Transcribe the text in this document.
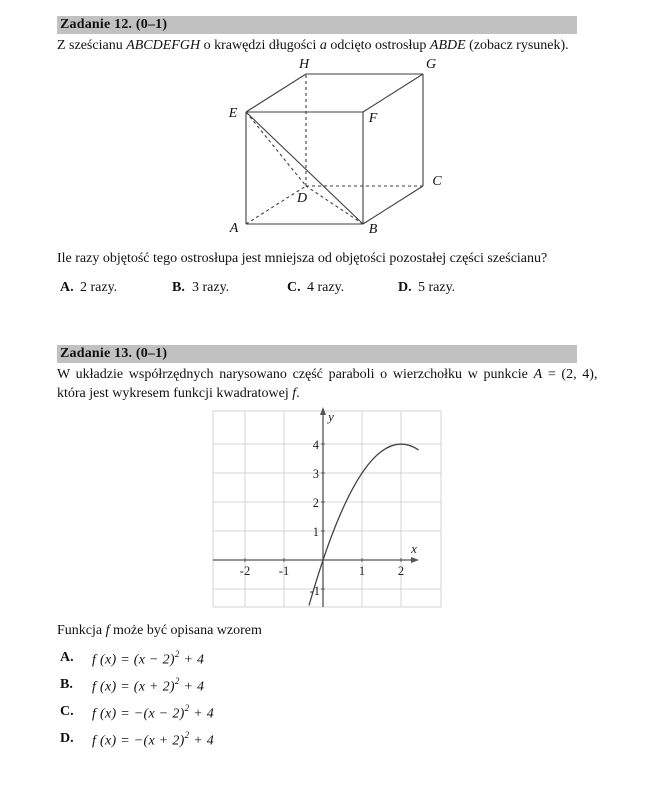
Zadanie 12. (0–1)
Z sześcianu ABCDEFGH o krawędzi długości a odcięto ostrosłup ABDE (zobacz rysunek).
A	B
C
D
E	F
G
H
Ile razy objętość tego ostrosłupa jest mniejsza od objętości pozostałej części sześcianu?
A. 2 razy.	B. 3 razy.	C. 4 razy.	D. 5 razy.
Zadanie 13. (0–1)
W układzie współrzędnych narysowano część paraboli o wierzchołku w punkcie A = (2, 4),
która jest wykresem funkcji kwadratowej f.
-2 -1	1	2
4
3
2
1
-1
x
y
Funkcja f może być opisana wzorem
A.	f $(x) = (x - 2)^2 + 4$
B.	f $(x) = (x + 2)^2 + 4$
C.	f $(x) = -(x - 2)^2 + 4$
D.	f $(x) = -(x + 2)^2 + 4$
